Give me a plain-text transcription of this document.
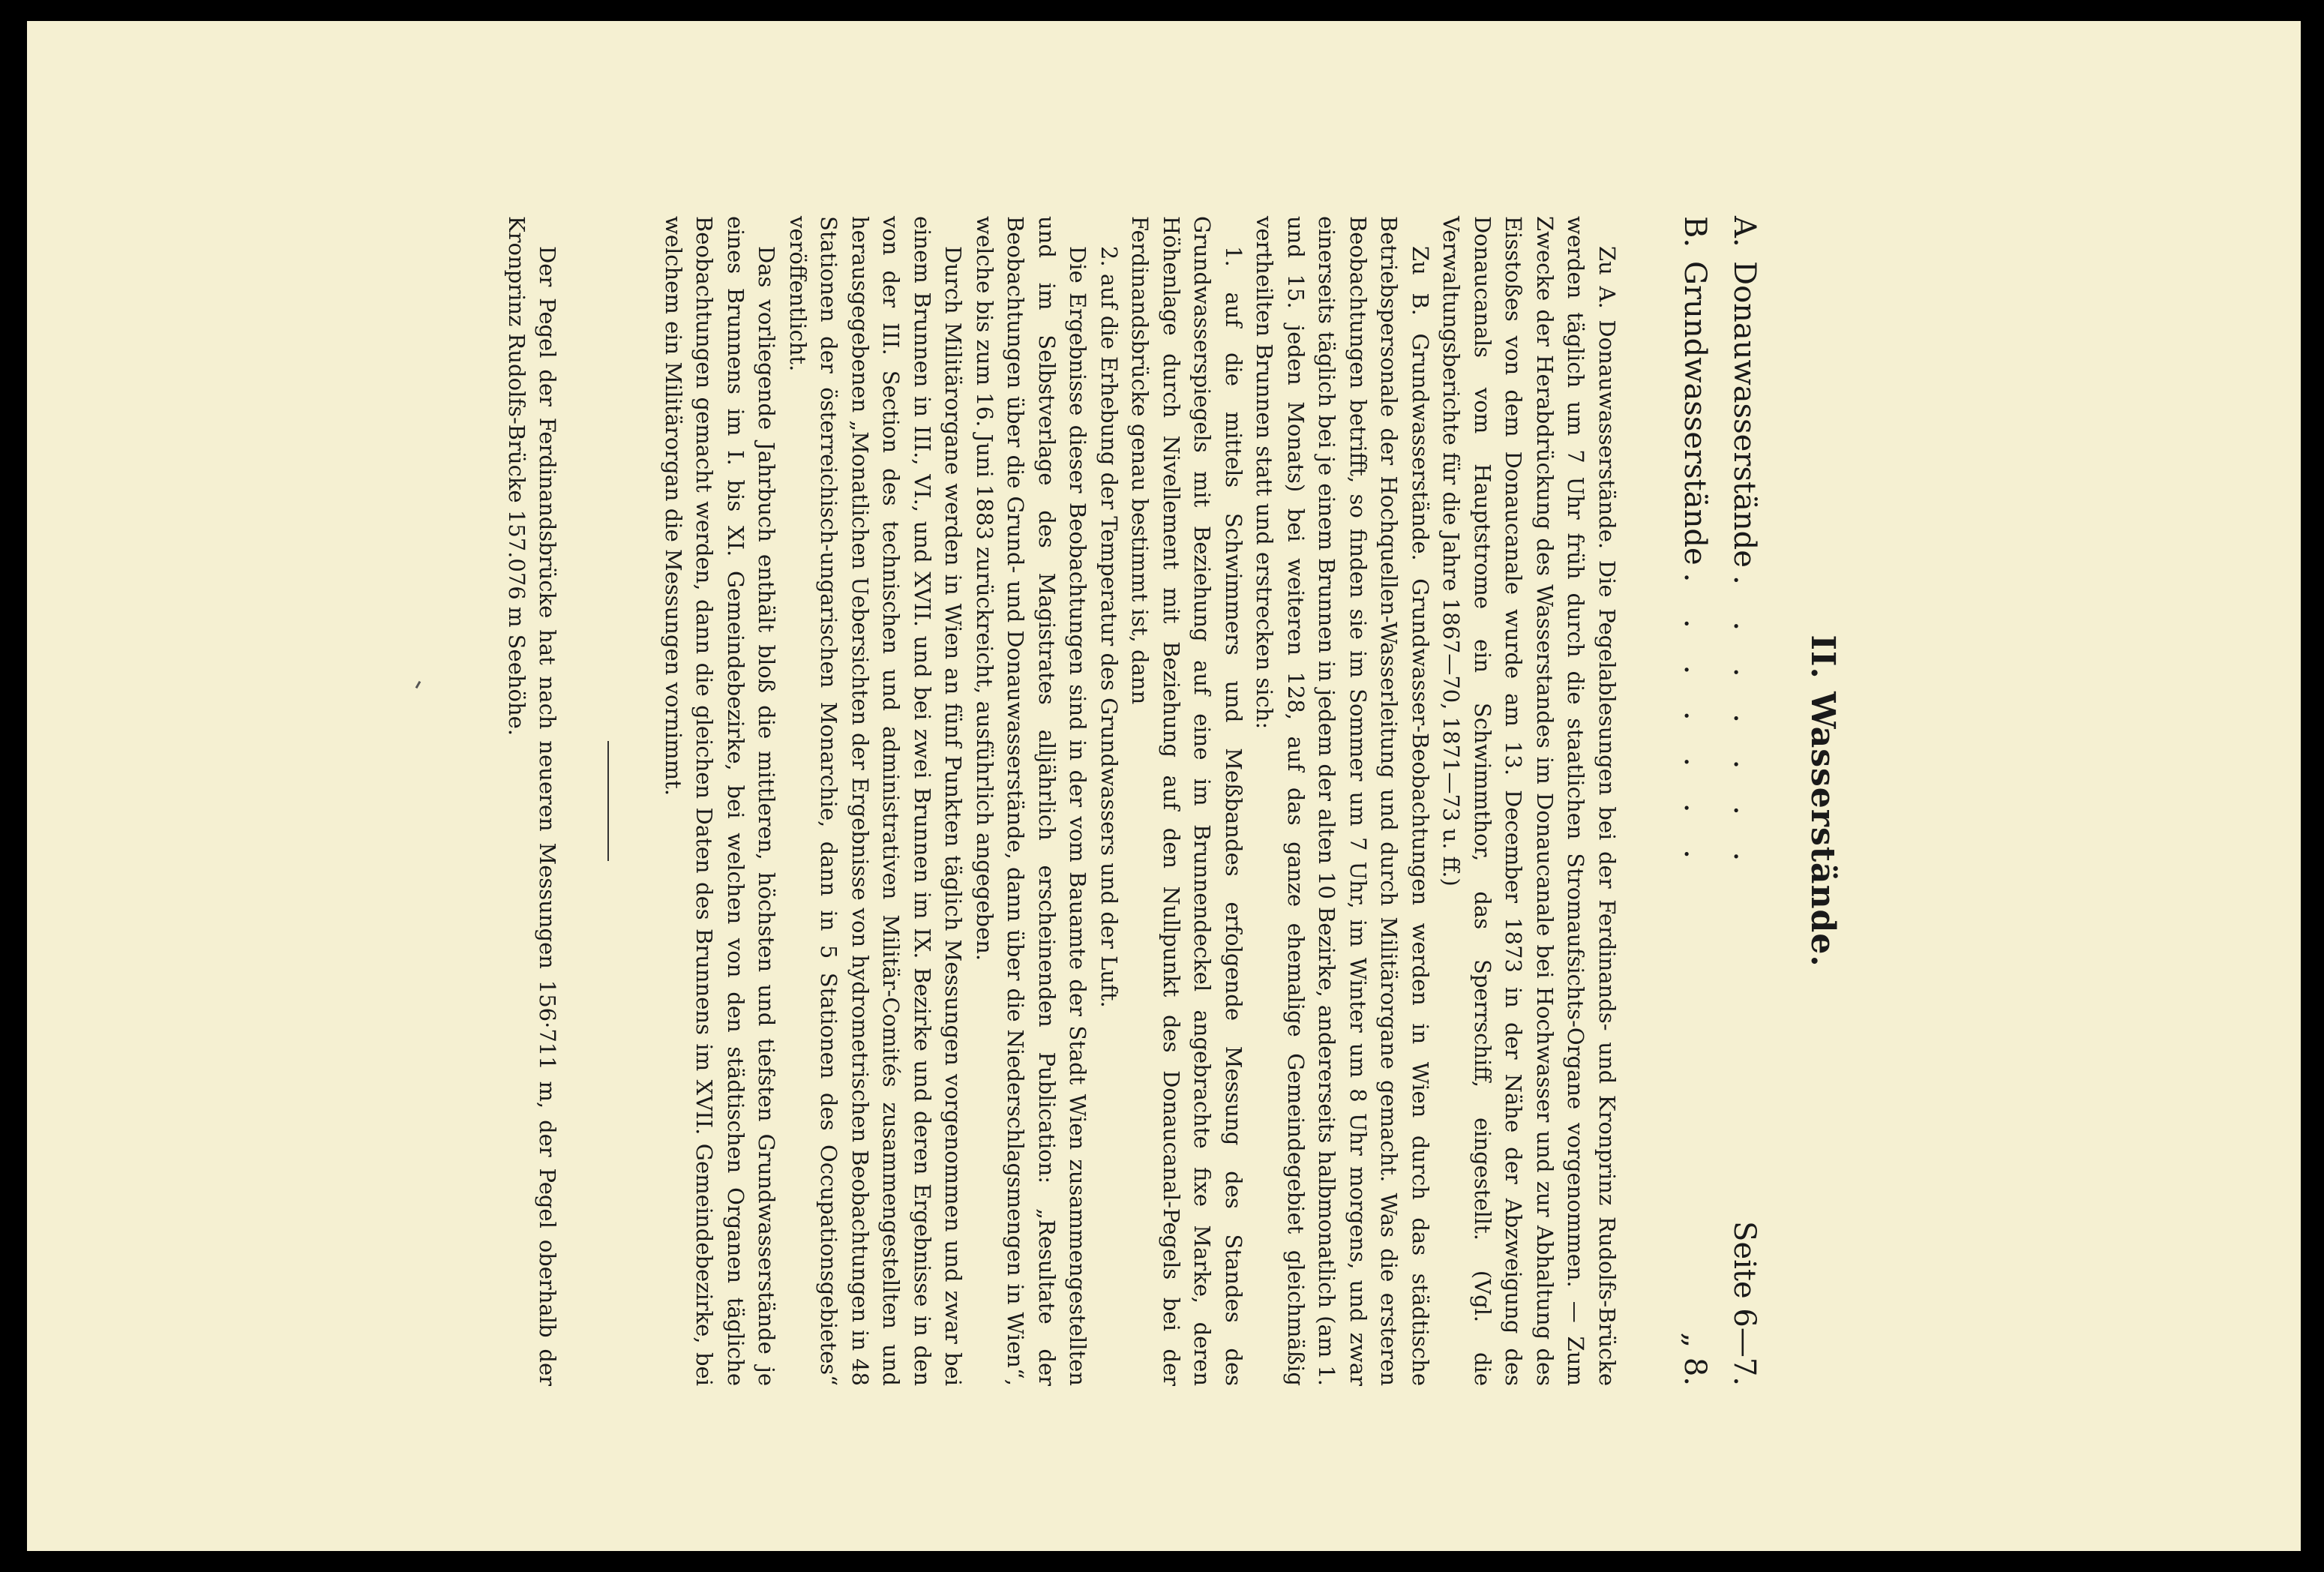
II. Wasserstände.
A.
Donauwasserstände
. . . . . . .
Seite 6—7.
B.
Grundwasserstände
. . . . . . .
„ 8.

Zu A. Donauwasserstände. Die Pegelablesungen bei der Ferdinands- und Kronprinz Rudolfs-Brücke werden täglich um 7 Uhr früh durch die staatlichen Stromaufsichts-Organe vorgenommen. — Zum Zwecke der Herabdrückung des Wasserstandes im Donaucanale bei Hochwasser und zur Abhaltung des Eisstoßes von dem Donaucanale wurde am 13. December 1873 in der Nähe der Abzweigung des Donaucanals vom Hauptstrome ein Schwimmthor, das Sperrschiff, eingestellt. (Vgl. die Verwaltungsberichte für die Jahre 1867—70, 1871—73 u. ff.)

Zu B. Grundwasserstände. Grundwasser-Beobachtungen werden in Wien durch das städtische Betriebspersonale der Hochquellen-Wasserleitung und durch Militärorgane gemacht. Was die ersteren Beobachtungen betrifft, so finden sie im Sommer um 7 Uhr, im Winter um 8 Uhr morgens, und zwar einerseits täglich bei je einem Brunnen in jedem der alten 10 Bezirke, andererseits halbmonatlich (am 1. und 15. jeden Monats) bei weiteren 128, auf das ganze ehemalige Gemeindegebiet gleichmäßig vertheilten Brunnen statt und erstrecken sich:

1. auf die mittels Schwimmers und Meßbandes erfolgende Messung des Standes des Grundwasserspiegels mit Beziehung auf eine im Brunnendeckel angebrachte fixe Marke, deren Höhenlage durch Nivellement mit Beziehung auf den Nullpunkt des Donaucanal-Pegels bei der Ferdinandsbrücke genau bestimmt ist, dann

2. auf die Erhebung der Temperatur des Grundwassers und der Luft.

Die Ergebnisse dieser Beobachtungen sind in der vom Bauamte der Stadt Wien zusammengestellten und im Selbstverlage des Magistrates alljährlich erscheinenden Publication: „Resultate der Beobachtungen über die Grund- und Donauwasserstände, dann über die Niederschlagsmengen in Wien“, welche bis zum 16. Juni 1883 zurückreicht, ausführlich angegeben.

Durch Militärorgane werden in Wien an fünf Punkten täglich Messungen vorgenommen und zwar bei einem Brunnen in III., VI., und XVII. und bei zwei Brunnen im IX. Bezirke und deren Ergebnisse in den von der III. Section des technischen und administrativen Militär-Comités zusammengestellten und herausgegebenen „Monatlichen Uebersichten der Ergebnisse von hydrometrischen Beobachtungen in 48 Stationen der österreichisch-ungarischen Monarchie, dann in 5 Stationen des Occupationsgebietes“ veröffentlicht.

Das vorliegende Jahrbuch enthält bloß die mittleren, höchsten und tiefsten Grundwasserstände je eines Brunnens im I. bis XI. Gemeindebezirke, bei welchen von den städtischen Organen tägliche Beobachtungen gemacht werden, dann die gleichen Daten des Brunnens im XVII. Gemeindebezirke, bei welchem ein Militärorgan die Messungen vornimmt.

Der Pegel der Ferdinandsbrücke hat nach neueren Messungen 156·711 m, der Pegel oberhalb der Kronprinz Rudolfs-Brücke 157.076 m Seehöhe.
